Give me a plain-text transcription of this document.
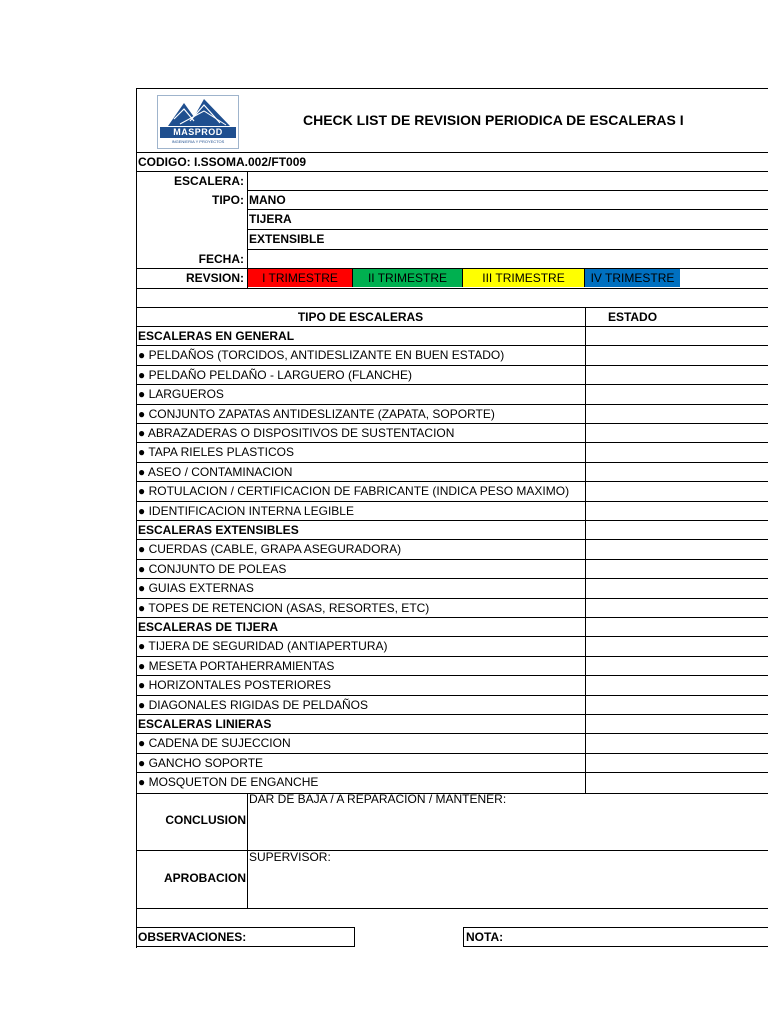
MASPROD
INGENIERIA Y PROYECTOS
CHECK LIST DE REVISION PERIODICA DE ESCALERAS I
CODIGO: I.SSOMA.002/FT009
ESCALERA:
TIPO: MANO
TIJERA
EXTENSIBLE
FECHA:
REVSION:	I TRIMESTRE	II TRIMESTRE	III TRIMESTRE	IV TRIMESTRE
TIPO DE ESCALERAS	ESTADO
ESCALERAS EN GENERAL
● PELDAÑOS (TORCIDOS, ANTIDESLIZANTE EN BUEN ESTADO)
● PELDAÑO PELDAÑO - LARGUERO (FLANCHE)
● LARGUEROS
● CONJUNTO ZAPATAS ANTIDESLIZANTE (ZAPATA, SOPORTE)
● ABRAZADERAS O DISPOSITIVOS DE SUSTENTACION
● TAPA RIELES PLASTICOS
● ASEO / CONTAMINACION
● ROTULACION / CERTIFICACION DE FABRICANTE (INDICA PESO MAXIMO)
● IDENTIFICACION INTERNA LEGIBLE
ESCALERAS EXTENSIBLES
● CUERDAS (CABLE, GRAPA ASEGURADORA)
● CONJUNTO DE POLEAS
● GUIAS EXTERNAS
● TOPES DE RETENCION (ASAS, RESORTES, ETC)
ESCALERAS DE TIJERA
● TIJERA DE SEGURIDAD (ANTIAPERTURA)
● MESETA PORTAHERRAMIENTAS
● HORIZONTALES POSTERIORES
● DIAGONALES RIGIDAS DE PELDAÑOS
ESCALERAS LINIERAS
● CADENA DE SUJECCION
● GANCHO SOPORTE
● MOSQUETON DE ENGANCHE
CONCLUSION
DAR DE BAJA / A REPARACION / MANTENER:
APROBACION
SUPERVISOR:
OBSERVACIONES:	NOTA:
